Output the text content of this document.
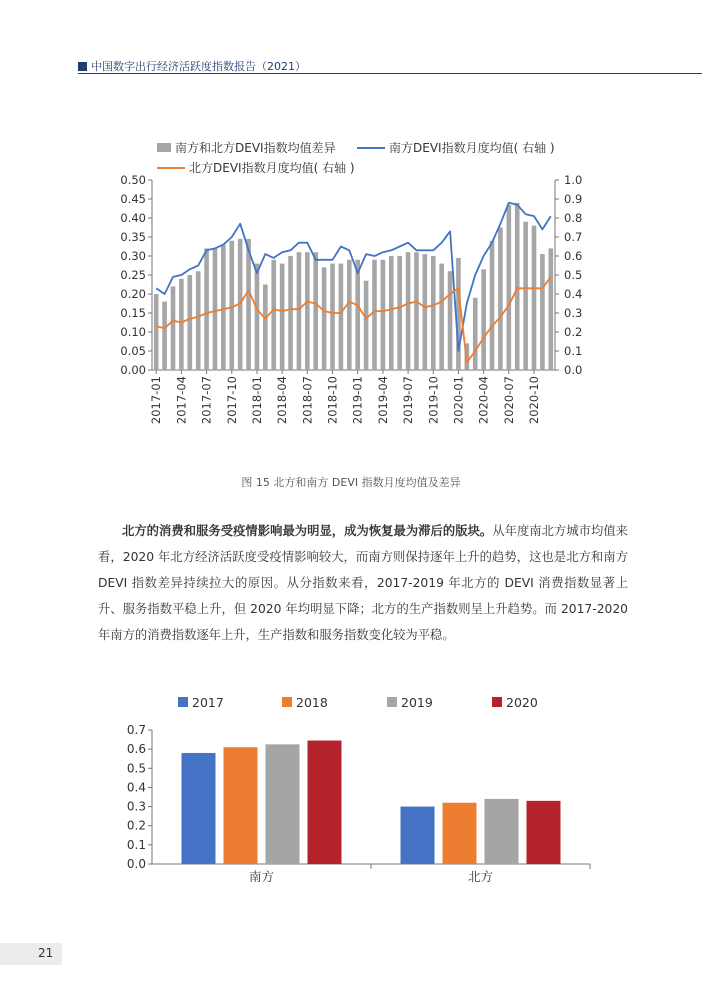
中国数字出行经济活跃度指数报告（2021）
南方和北方DEVI指数均值差异	南方DEVI指数月度均值( 右轴 )
北方DEVI指数月度均值( 右轴 )
0.00
0.05
0.10
0.15
0.20
0.25
0.30
0.35
0.40
0.45
0.50
0.0
0.1
0.2
0.3
0.4
0.5
0.6
0.7
0.8
0.9
1.0
2017-01 2017-04 2017-07 2017-10 2018-01 2018-04 2018-07 2018-10 2019-01 2019-04 2019-07 2019-10 2020-01 2020-04 2020-07 2020-10
图 15 北方和南方 DEVI 指数月度均值及差异
北方的消费和服务受疫情影响最为明显，成为恢复最为滞后的版块。从年度南北方城市均值来看，2020 年北方经济活跃度受疫情影响较大，而南方则保持逐年上升的趋势，这也是北方和南方 DEVI 指数差异持续拉大的原因。从分指数来看，2017-2019 年北方的 DEVI 消费指数显著上升、服务指数平稳上升，但 2020 年均明显下降；北方的生产指数则呈上升趋势。而 2017-2020 年南方的消费指数逐年上升，生产指数和服务指数变化较为平稳。
2017	2018	2019	2020
0.0
0.1
0.2
0.3
0.4
0.5
0.6
0.7
南方	北方
21
